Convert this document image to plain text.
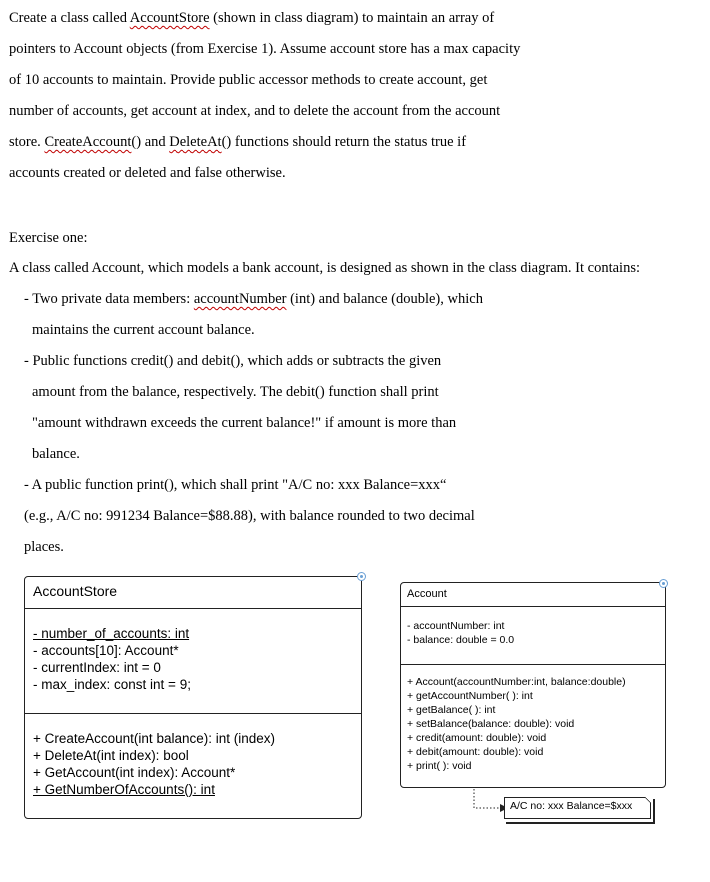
Create a class called AccountStore (shown in class diagram) to maintain an array of
pointers to Account objects (from Exercise 1). Assume account store has a max capacity
of 10 accounts to maintain. Provide public accessor methods to create account, get
number of accounts, get account at index, and to delete the account from the account
store. CreateAccount() and DeleteAt() functions should return the status true if
accounts created or deleted and false otherwise.
Exercise one:
A class called Account, which models a bank account, is designed as shown in the class diagram. It contains:
- Two private data members: accountNumber (int) and balance (double), which
maintains the current account balance.
- Public functions credit() and debit(), which adds or subtracts the given
amount from the balance, respectively. The debit() function shall print
"amount withdrawn exceeds the current balance!" if amount is more than
balance.
- A public function print(), which shall print "A/C no: xxx Balance=xxx“
(e.g., A/C no: 991234 Balance=$88.88), with balance rounded to two decimal
places.
AccountStore
- number_of_accounts: int
- accounts[10]: Account*
- currentIndex: int = 0
- max_index: const int = 9;
+ CreateAccount(int balance): int (index)
+ DeleteAt(int index): bool
+ GetAccount(int index): Account*
+ GetNumberOfAccounts(): int
Account
- accountNumber: int
- balance: double = 0.0
+ Account(accountNumber:int, balance:double)
+ getAccountNumber( ): int
+ getBalance( ): int
+ setBalance(balance: double): void
+ credit(amount: double): void
+ debit(amount: double): void
+ print( ): void
A/C no: xxx Balance=$xxx
